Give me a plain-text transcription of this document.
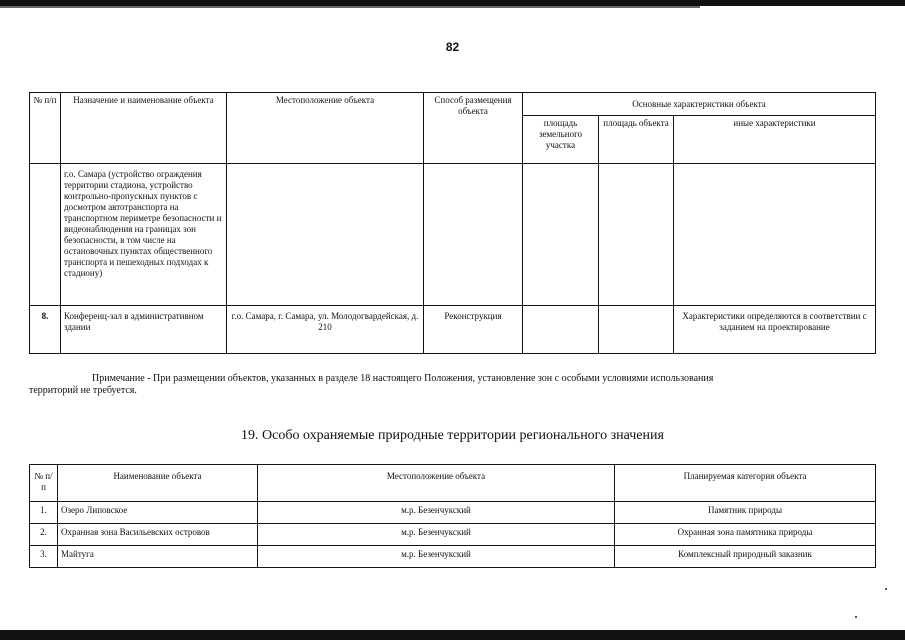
82
№ п/п	Назначение и наименование объекта	Местоположение объекта	Способ размещения объекта	Основные характеристики объекта		
				площадь земельного участка	площадь объекта	иные характеристики
	г.о. Самара (устройство ограждения территории стадиона, устройство контрольно-пропускных пунктов с досмотром автотранспорта на транспортном периметре безопасности и видеонаблюдения на границах зон безопасности, в том числе на остановочных пунктах общественного транспорта и пешеходных подходах к стадиону)					
8.	Конференц-зал в административном здании	г.о. Самара, г. Самара, ул. Молодогвардейская, д. 210	Реконструкция			Характеристики определяются в соответствии с заданием на проектирование
Примечание - При размещении объектов, указанных в разделе 18 настоящего Положения, установление зон с особыми условиями использования
территорий не требуется.
19. Особо охраняемые природные территории регионального значения
№ п/п	Наименование объекта	Местоположение объекта	Планируемая категория объекта
1.	Озеро Липовское	м.р. Безенчукский	Памятник природы
2.	Охранная зона Васильевских островов	м.р. Безенчукский	Охранная зона памятника природы
3.	Майтуга	м.р. Безенчукский	Комплексный природный заказник
